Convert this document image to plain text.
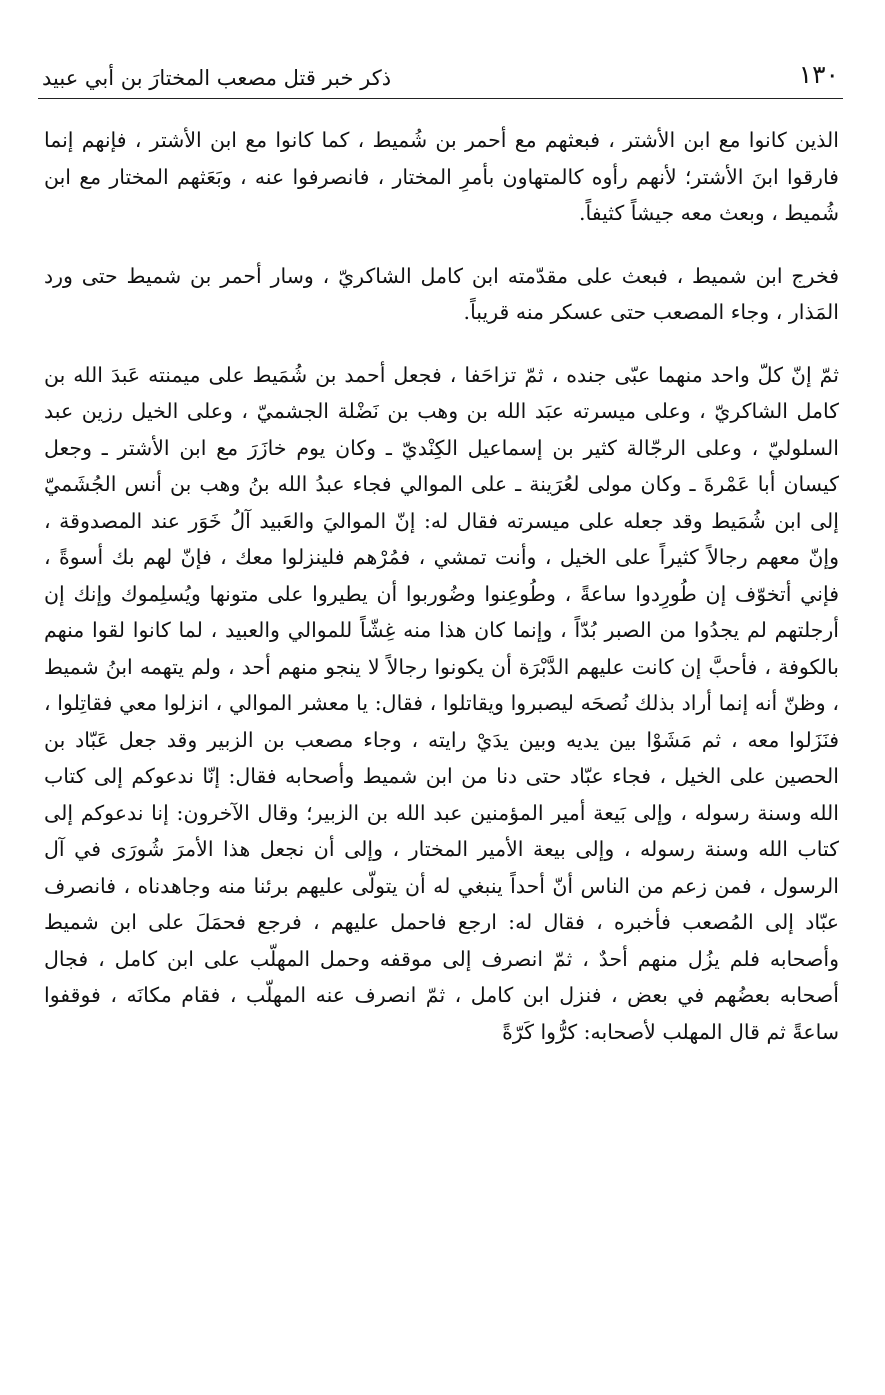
١٣٠
ذكر خبر قتل مصعب المختارَ بن أبي عبيد

الذين كانوا مع ابن الأشتر ، فبعثهم مع أحمر بن شُميط ، كما كانوا مع ابن الأشتر ، فإنهم إنما فارقوا ابنَ الأشتر؛ لأنهم رأوه كالمتهاون بأمرِ المختار ، فانصرفوا عنه ، وبَعَثهم المختار مع ابن شُميط ، وبعث معه جيشاً كثيفاً.

فخرج ابن شميط ، فبعث على مقدّمته ابن كامل الشاكريّ ، وسار أحمر بن شميط حتى ورد المَذار ، وجاء المصعب حتى عسكر منه قريباً.

ثمّ إنّ كلّ واحد منهما عبّى جنده ، ثمّ تزاحَفا ، فجعل أحمد بن شُمَيط على ميمنته عَبدَ الله بن كامل الشاكريّ ، وعلى ميسرته عبَد الله بن وهب بن نَضْلة الجشميّ ، وعلى الخيل رزين عبد السلوليّ ، وعلى الرجّالة كثير بن إسماعيل الكِنْديّ ـ وكان يوم خازَرَ مع ابن الأشتر ـ وجعل كيسان أبا عَمْرةَ ـ وكان مولى لعُرَينة ـ على الموالي فجاء عبدُ الله بنُ وهب بن أنس الجُشَميّ إلى ابن شُمَيط وقد جعله على ميسرته فقال له: إنّ المواليَ والعَبيد آلُ خَوَر عند المصدوقة ، وإنّ معهم رجالاً كثيراً على الخيل ، وأنت تمشي ، فمُرْهم فلينزلوا معك ، فإنّ لهم بك أسوةً ، فإني أتخوّف إن طُورِدوا ساعةً ، وطُوعِنوا وضُوربوا أن يطيروا على متونها ويُسلِموك وإنك إن أرجلتهم لم يجدُوا من الصبر بُدّاً ، وإنما كان هذا منه غِشّاً للموالي والعبيد ، لما كانوا لقوا منهم بالكوفة ، فأحبَّ إن كانت عليهم الدَّبْرَة أن يكونوا رجالاً لا ينجو منهم أحد ، ولم يتهمه ابنُ شميط ، وظنّ أنه إنما أراد بذلك نُصحَه ليصبروا ويقاتلوا ، فقال: يا معشر الموالي ، انزلوا معي فقاتِلوا ، فنَزَلوا معه ، ثم مَشَوْا بين يديه وبين يدَيْ رايته ، وجاء مصعب بن الزبير وقد جعل عَبّاد بن الحصين على الخيل ، فجاء عبّاد حتى دنا من ابن شميط وأصحابه فقال: إنّا ندعوكم إلى كتاب الله وسنة رسوله ، وإلى بَيعة أمير المؤمنين عبد الله بن الزبير؛ وقال الآخرون: إنا ندعوكم إلى كتاب الله وسنة رسوله ، وإلى بيعة الأمير المختار ، وإلى أن نجعل هذا الأمرَ شُورَى في آل الرسول ، فمن زعم من الناس أنّ أحداً ينبغي له أن يتولّى عليهم برئنا منه وجاهدناه ، فانصرف عبّاد إلى المُصعب فأخبره ، فقال له: ارجع فاحمل عليهم ، فرجع فحمَلَ على ابن شميط وأصحابه فلم يزُل منهم أحدٌ ، ثمّ انصرف إلى موقفه وحمل المهلّب على ابن كامل ، فجال أصحابه بعضُهم في بعض ، فنزل ابن كامل ، ثمّ انصرف عنه المهلّب ، فقام مكانَه ، فوقفوا ساعةً ثم قال المهلب لأصحابه: كرُّوا كَرّةً
